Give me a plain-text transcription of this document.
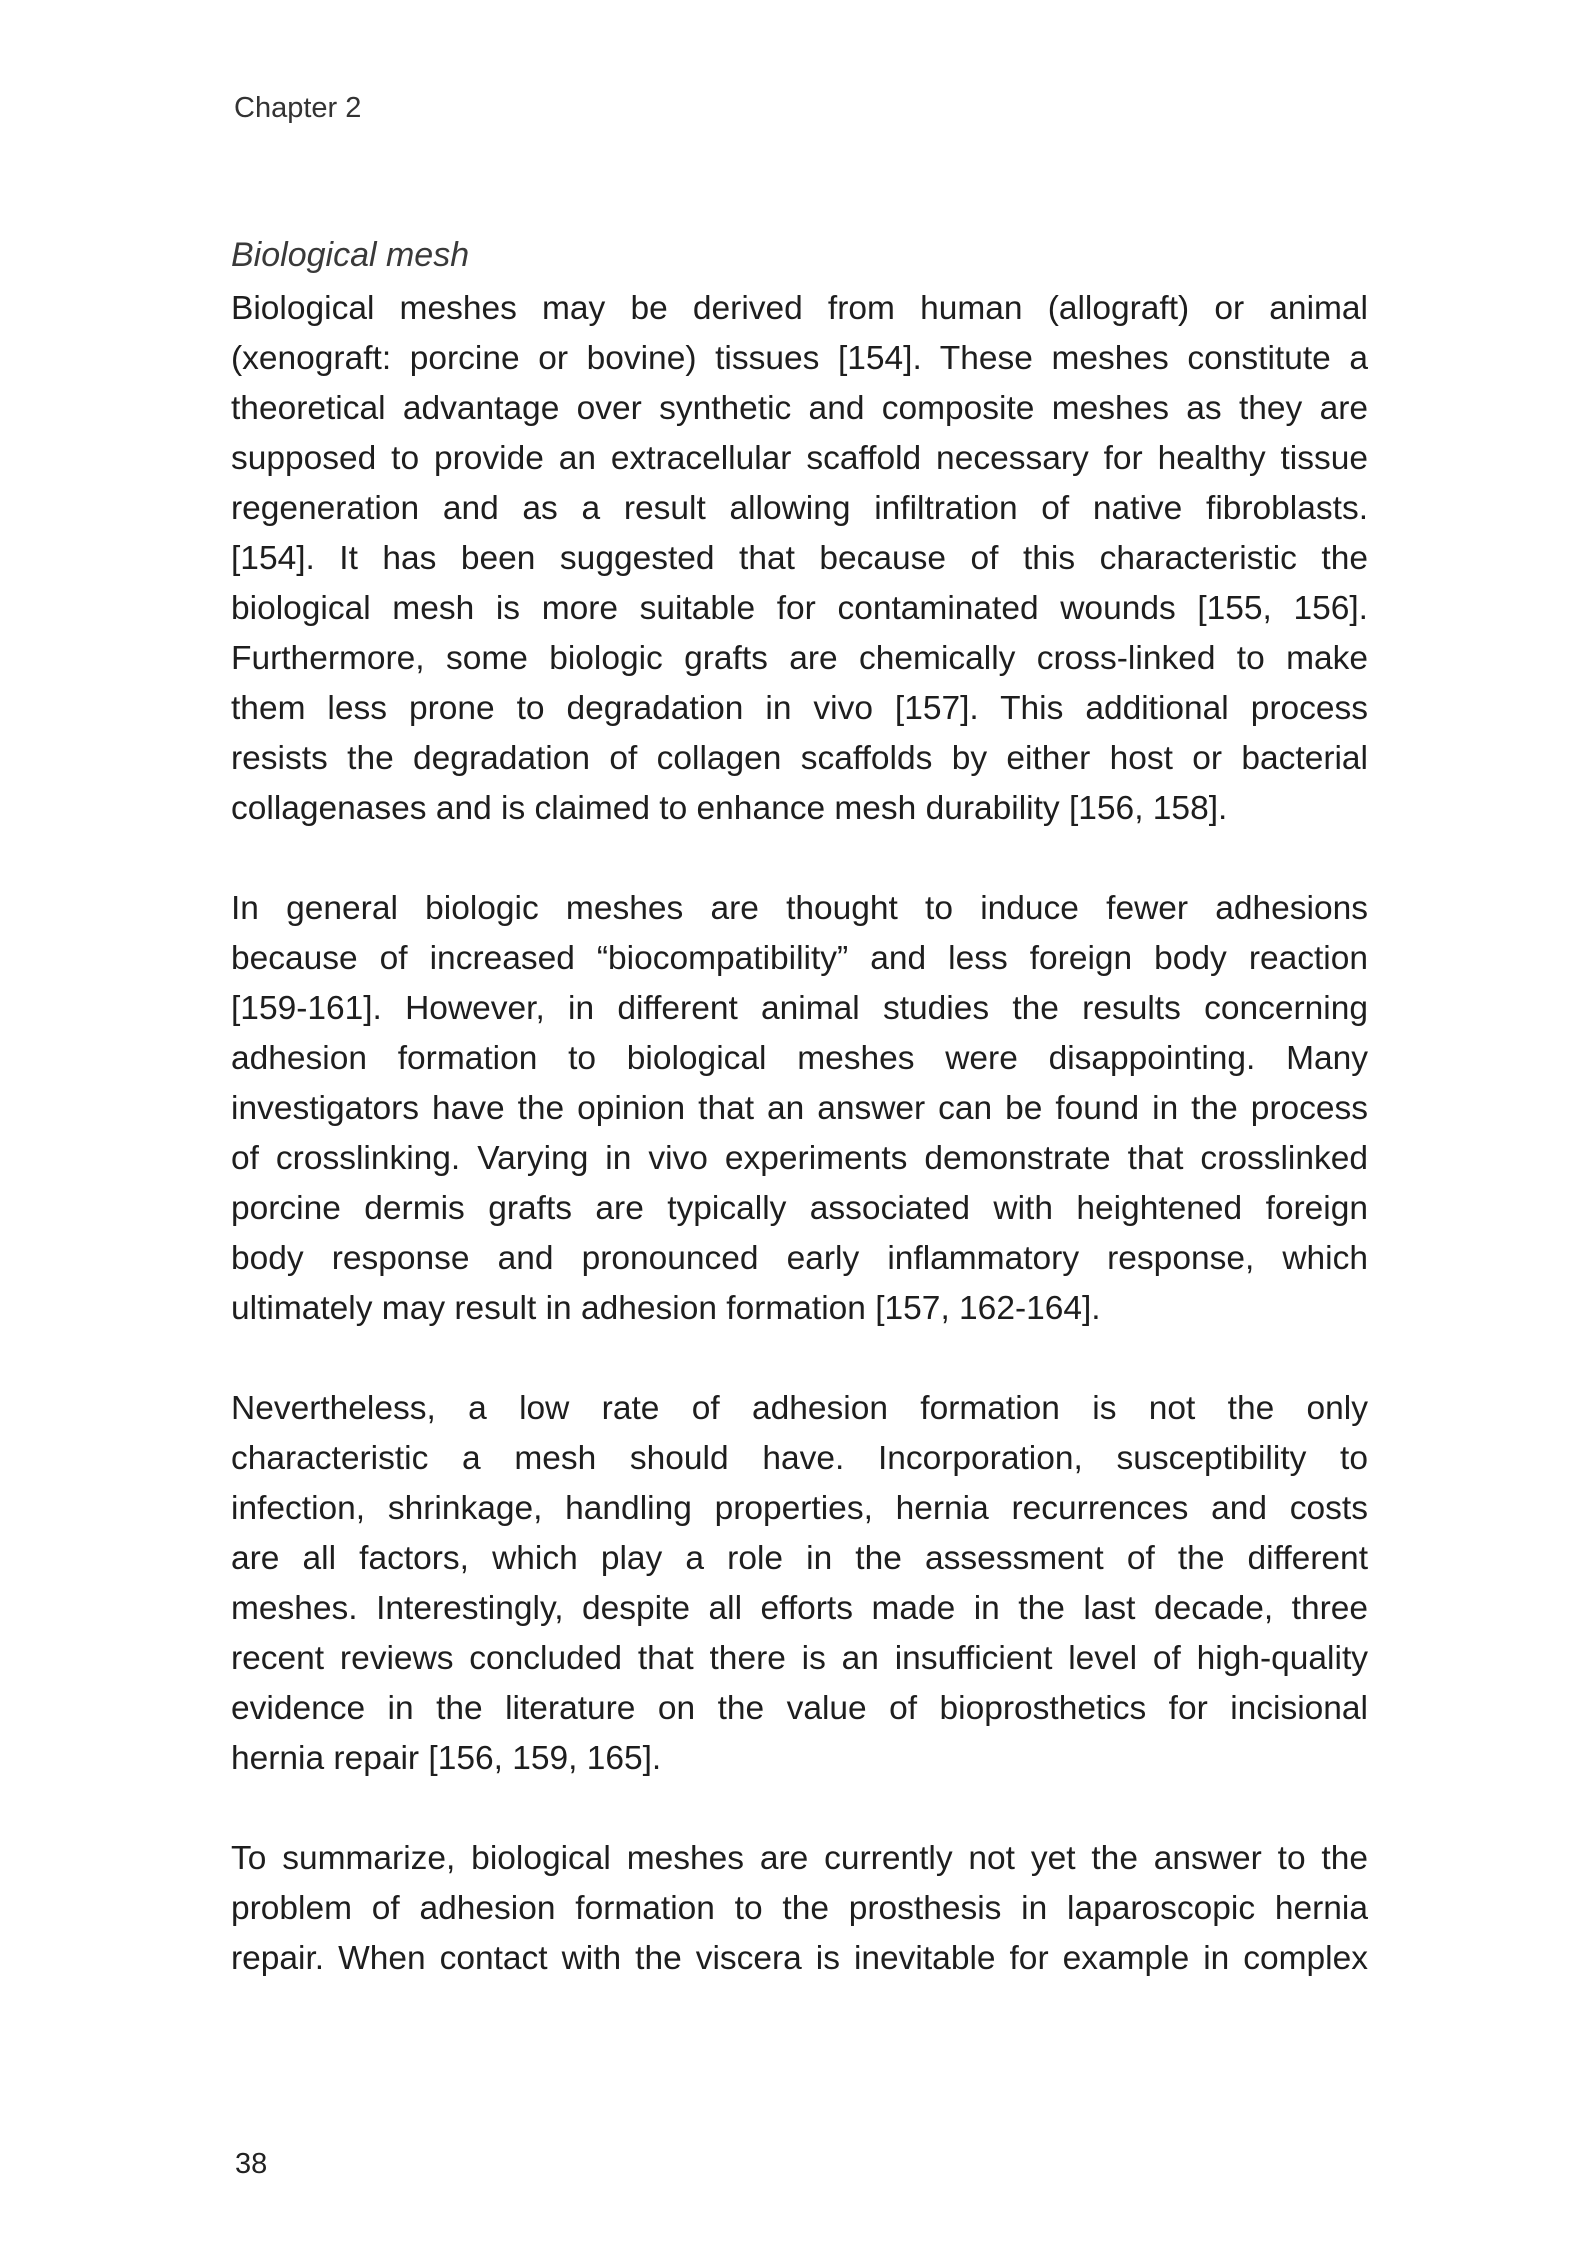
Chapter 2
Biological mesh
Biological meshes may be derived from human (allograft) or animal
(xenograft: porcine or bovine) tissues [154]. These meshes constitute a
theoretical advantage over synthetic and composite meshes as they are
supposed to provide an extracellular scaffold necessary for healthy tissue
regeneration and as a result allowing infiltration of native fibroblasts.
[154]. It has been suggested that because of this characteristic the
biological mesh is more suitable for contaminated wounds [155, 156].
Furthermore, some biologic grafts are chemically cross-linked to make
them less prone to degradation in vivo [157]. This additional process
resists the degradation of collagen scaffolds by either host or bacterial
collagenases and is claimed to enhance mesh durability [156, 158].
In general biologic meshes are thought to induce fewer adhesions
because of increased “biocompatibility” and less foreign body reaction
[159-161]. However, in different animal studies the results concerning
adhesion formation to biological meshes were disappointing. Many
investigators have the opinion that an answer can be found in the process
of crosslinking. Varying in vivo experiments demonstrate that crosslinked
porcine dermis grafts are typically associated with heightened foreign
body response and pronounced early inflammatory response, which
ultimately may result in adhesion formation [157, 162-164].
Nevertheless, a low rate of adhesion formation is not the only
characteristic a mesh should have. Incorporation, susceptibility to
infection, shrinkage, handling properties, hernia recurrences and costs
are all factors, which play a role in the assessment of the different
meshes. Interestingly, despite all efforts made in the last decade, three
recent reviews concluded that there is an insufficient level of high-quality
evidence in the literature on the value of bioprosthetics for incisional
hernia repair [156, 159, 165].
To summarize, biological meshes are currently not yet the answer to the
problem of adhesion formation to the prosthesis in laparoscopic hernia
repair. When contact with the viscera is inevitable for example in complex
38
